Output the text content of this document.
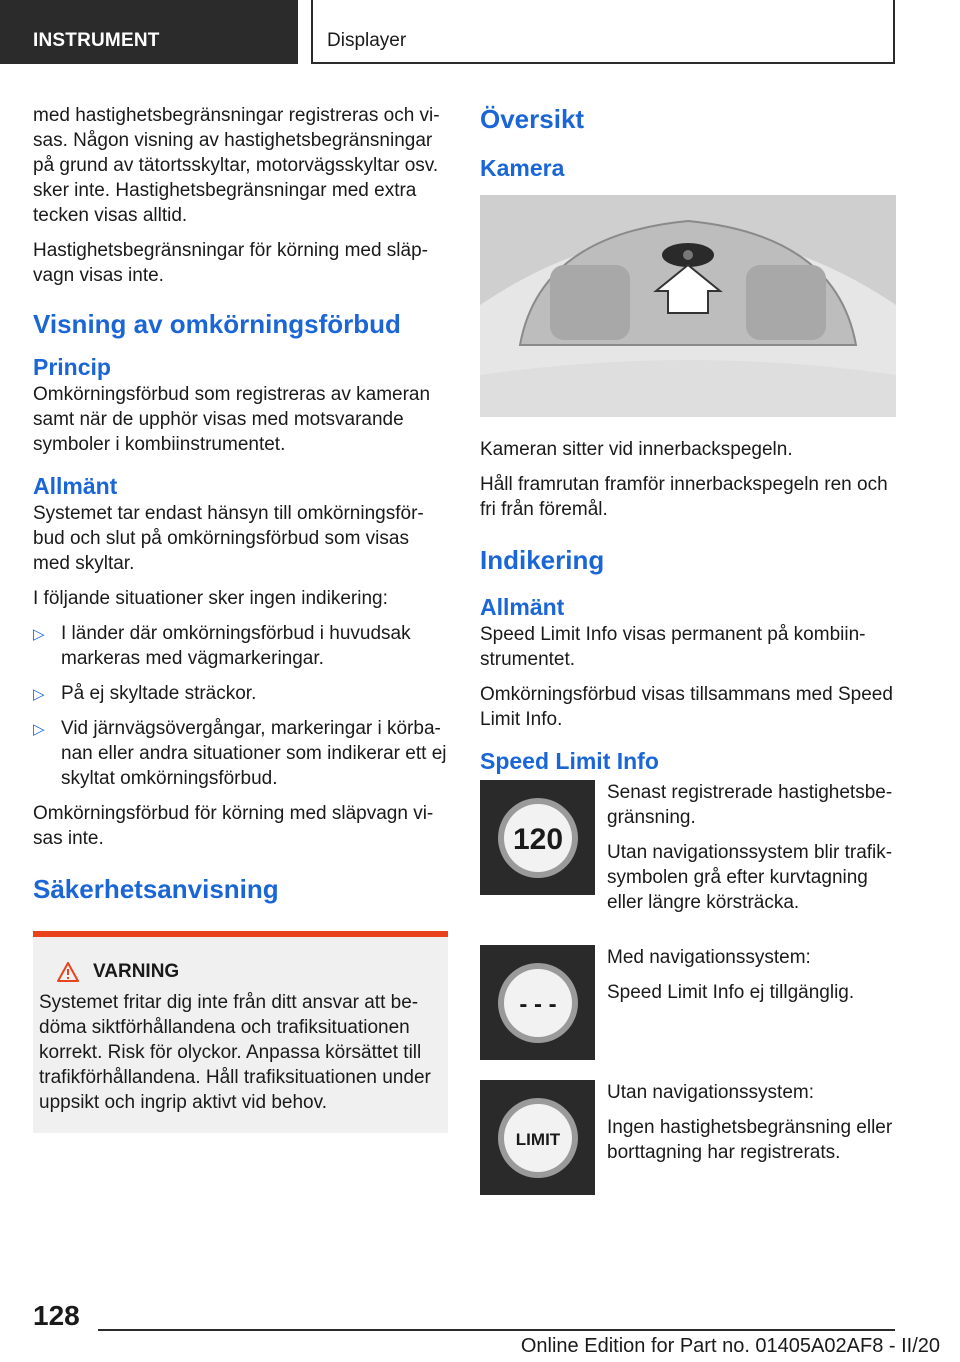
INSTRUMENT	Displayer

med hastighetsbegränsningar registreras och vi-sas. Någon visning av hastighetsbegränsningar på grund av tätortsskyltar, motorvägsskyltar osv. sker inte. Hastighetsbegränsningar med extra tecken visas alltid.

Hastighetsbegränsningar för körning med släp-vagn visas inte.

Visning av omkörningsförbud
Princip

Omkörningsförbud som registreras av kameran samt när de upphör visas med motsvarande symboler i kombiinstrumentet.

Allmänt

Systemet tar endast hänsyn till omkörningsför-bud och slut på omkörningsförbud som visas med skyltar.

I följande situationer sker ingen indikering:

▷ I länder där omkörningsförbud i huvudsak markeras med vägmarkeringar.
▷ På ej skyltade sträckor.
▷ Vid järnvägsövergångar, markeringar i körba-nan eller andra situationer som indikerar ett ej skyltat omkörningsförbud.

Omkörningsförbud för körning med släpvagn vi-sas inte.

Säkerhetsanvisning
VARNING

Systemet fritar dig inte från ditt ansvar att be-döma siktförhållandena och trafiksituationen korrekt. Risk för olyckor. Anpassa körsättet till trafikförhållandena. Håll trafiksituationen under uppsikt och ingrip aktivt vid behov.

Översikt
Kamera

Kameran sitter vid innerbackspegeln.

Håll framrutan framför innerbackspegeln ren och fri från föremål.

Indikering
Allmänt

Speed Limit Info visas permanent på kombiin-strumentet.

Omkörningsförbud visas tillsammans med Speed Limit Info.

Speed Limit Info
120

Senast registrerade hastighetsbe-gränsning.

Utan navigationssystem blir trafik-symbolen grå efter kurvtagning eller längre körsträcka.

- - -

Med navigationssystem:

Speed Limit Info ej tillgänglig.

LIMIT

Utan navigationssystem:

Ingen hastighetsbegränsning eller borttagning har registrerats.

128
Online Edition for Part no. 01405A02AF8 - II/20
